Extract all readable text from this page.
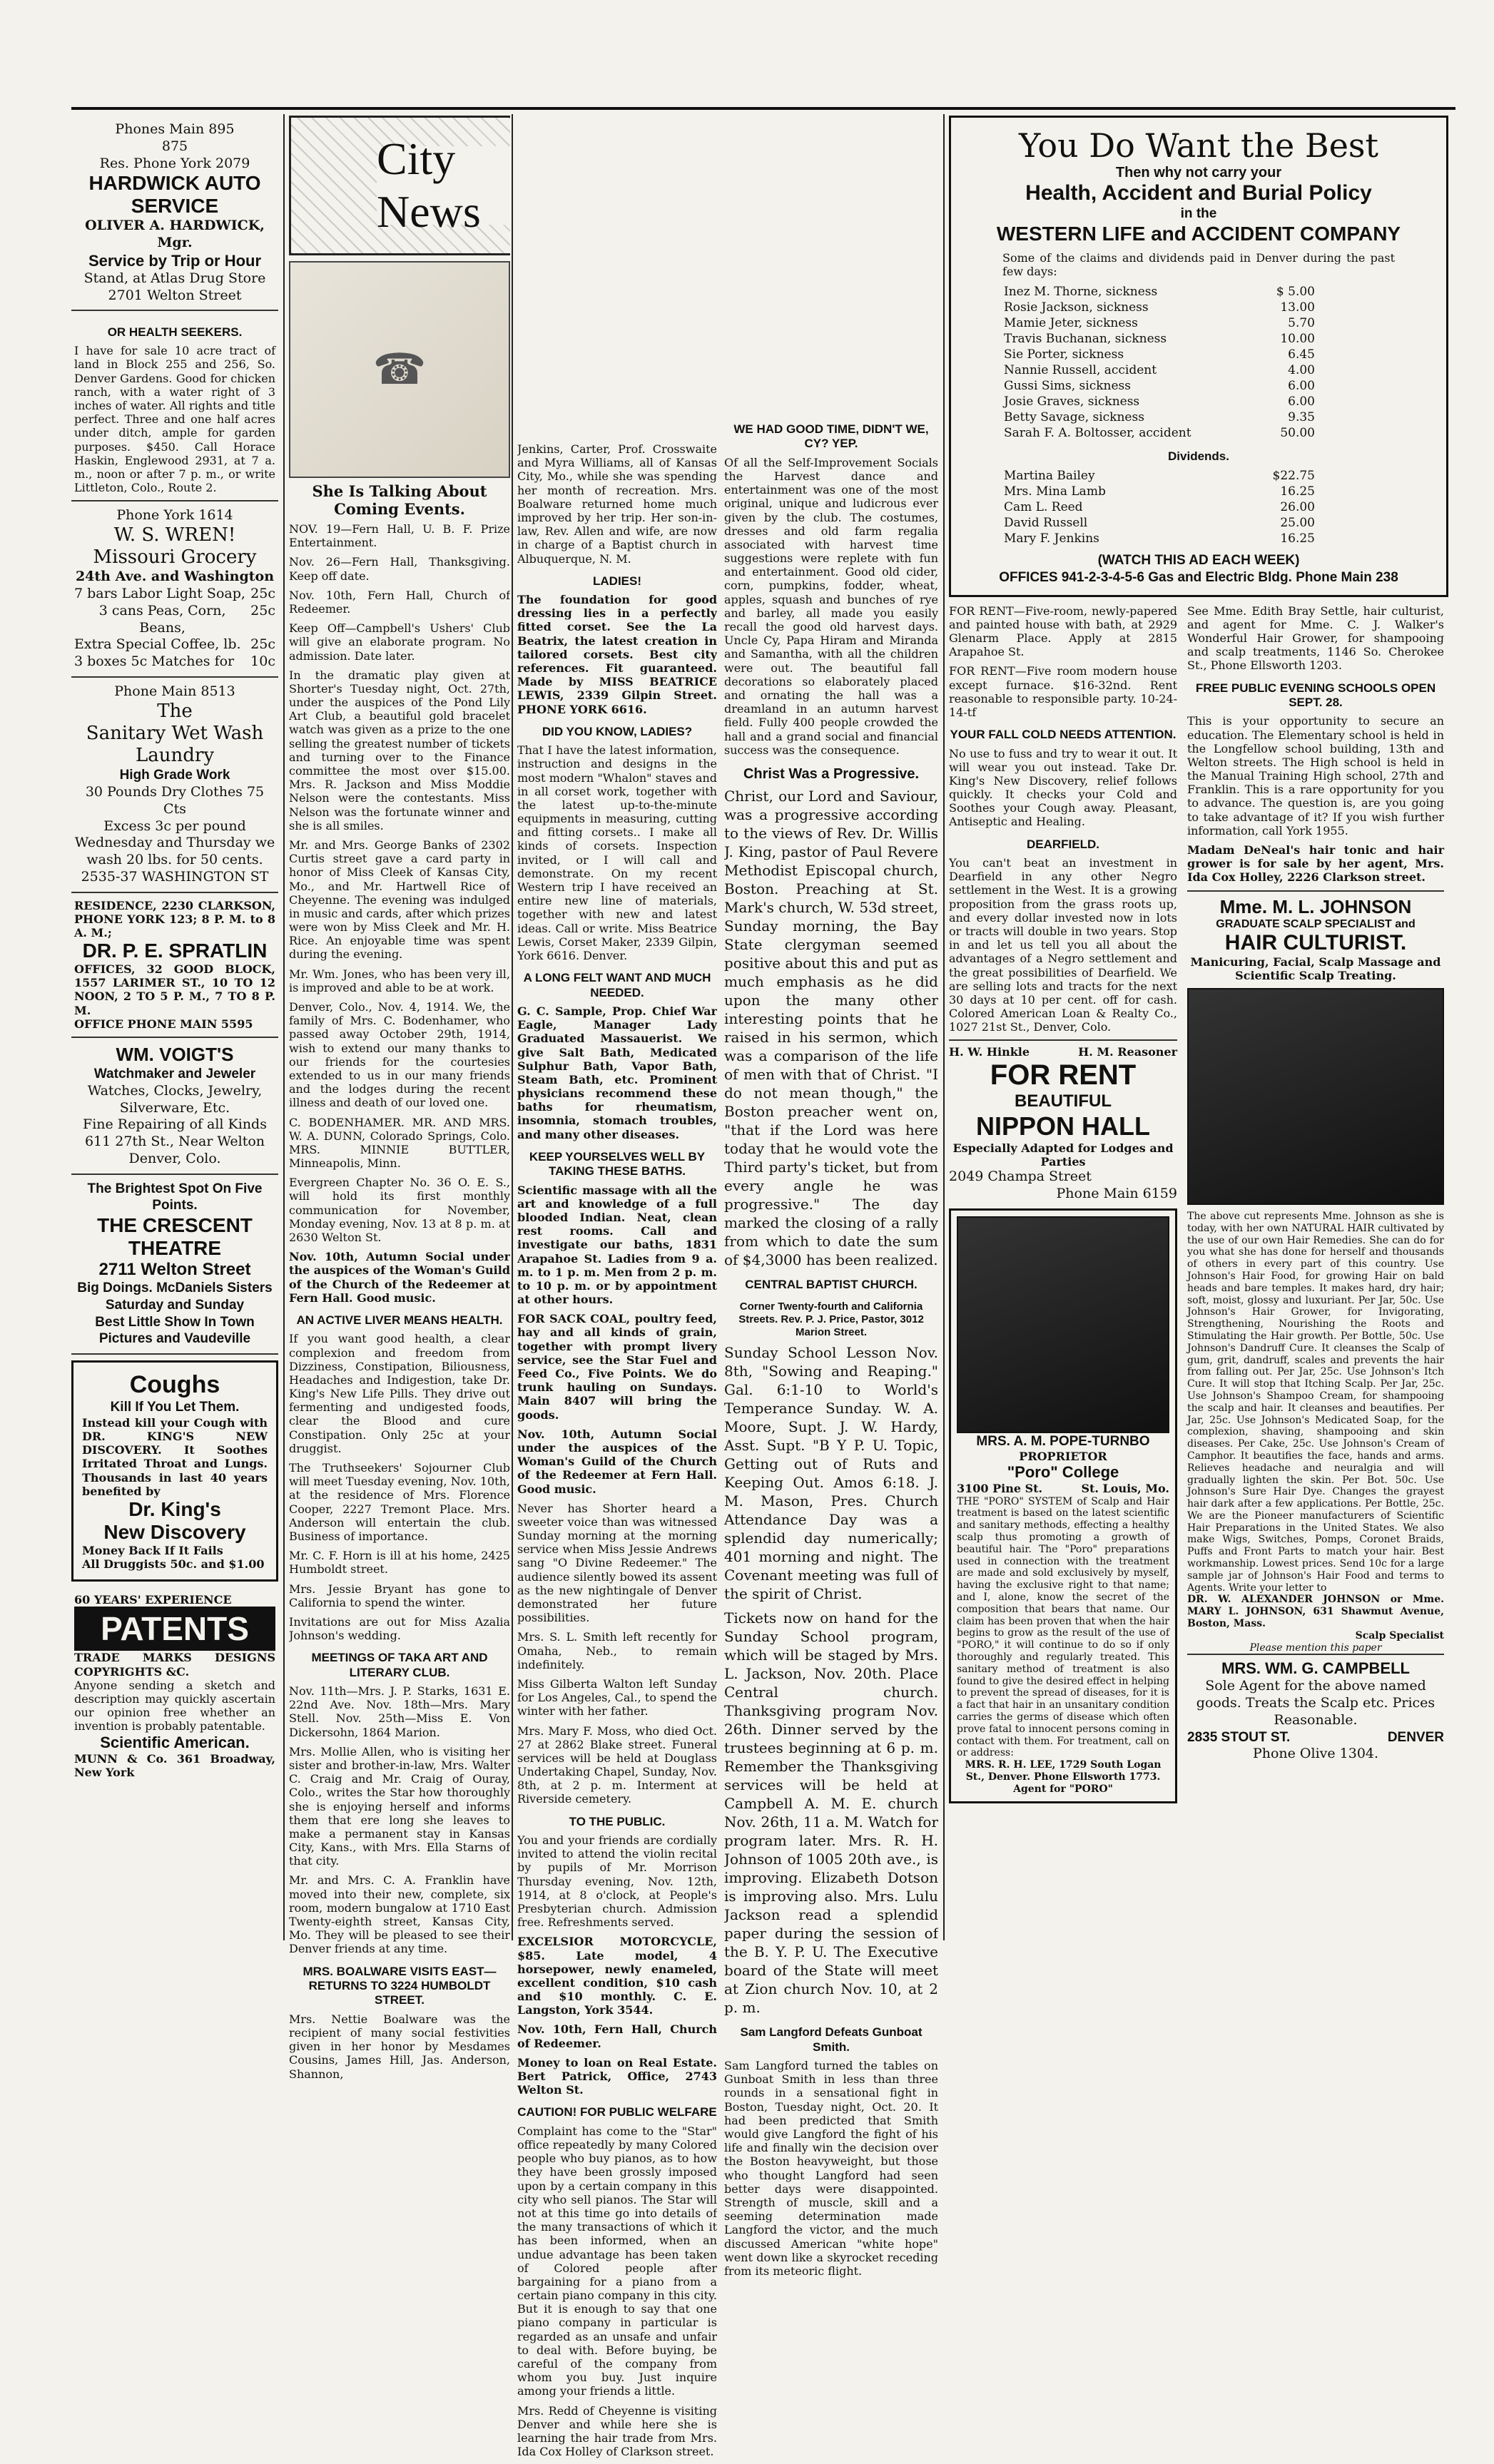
Phones Main 895
875
Res. Phone York 2079
HARDWICK AUTO SERVICE
OLIVER A. HARDWICK, Mgr.
Service by Trip or Hour
Stand, at Atlas Drug Store
2701 Welton Street
OR HEALTH SEEKERS.
I have for sale 10 acre tract of land in Block 255 and 256, So. Denver Gardens. Good for chicken ranch, with a water right of 3 inches of water. All rights and title perfect. Three and one half acres under ditch, ample for garden purposes. $450. Call Horace Haskin, Englewood 2931, at 7 a. m., noon or after 7 p. m., or write Littleton, Colo., Route 2.
Phone York 1614
W. S. WREN!
Missouri Grocery
24th Ave. and Washington
7 bars Labor Light Soap, 25c
3 cans Peas, Corn, Beans,
25c
Extra Special Coffee, lb. 25c
3 boxes 5c Matches for 10c
Phone Main 8513
The
Sanitary Wet Wash
Laundry
High Grade Work
30 Pounds Dry Clothes 75 Cts
Excess 3c per pound
Wednesday and Thursday we wash 20 lbs. for 50 cents.
2535-37 WASHINGTON ST
RESIDENCE, 2230 CLARKSON, PHONE YORK 123; 8 P. M. to 8 A. M.;
DR. P. E. SPRATLIN
OFFICES, 32 GOOD BLOCK, 1557 LARIMER ST., 10 TO 12 NOON, 2 TO 5 P. M., 7 TO 8 P. M.
OFFICE PHONE MAIN 5595
WM. VOIGT'S
Watchmaker and Jeweler
Watches, Clocks, Jewelry, Silverware, Etc.
Fine Repairing of all Kinds
611 27th St., Near Welton
Denver, Colo.
The Brightest Spot On Five Points.
THE CRESCENT THEATRE
2711 Welton Street
Big Doings. McDaniels Sisters Saturday and Sunday
Best Little Show In Town
Pictures and Vaudeville
Coughs
Kill If You Let Them.
Instead kill your Cough with DR. KING'S NEW DISCOVERY. It Soothes Irritated Throat and Lungs. Thousands in last 40 years benefited by
Dr. King's
New Discovery
Money Back If It Fails
All Druggists 50c. and $1.00
60 YEARS' EXPERIENCE
PATENTS
TRADE MARKS DESIGNS COPYRIGHTS &C.
Anyone sending a sketch and description may quickly ascertain our opinion free whether an invention is probably patentable.
Scientific American.
MUNN & Co. 361 Broadway, New York
City News
☎
She Is Talking About Coming Events.

NOV. 19—Fern Hall, U. B. F. Prize Entertainment.

Nov. 26—Fern Hall, Thanksgiving. Keep off date.

Nov. 10th, Fern Hall, Church of Redeemer.

Keep Off—Campbell's Ushers' Club will give an elaborate program. No admission. Date later.

In the dramatic play given at Shorter's Tuesday night, Oct. 27th, under the auspices of the Pond Lily Art Club, a beautiful gold bracelet watch was given as a prize to the one selling the greatest number of tickets and turning over to the Finance committee the most over $15.00. Mrs. R. Jackson and Miss Moddie Nelson were the contestants. Miss Nelson was the fortunate winner and she is all smiles.

Mr. and Mrs. George Banks of 2302 Curtis street gave a card party in honor of Miss Cleek of Kansas City, Mo., and Mr. Hartwell Rice of Cheyenne. The evening was indulged in music and cards, after which prizes were won by Miss Cleek and Mr. H. Rice. An enjoyable time was spent during the evening.

Mr. Wm. Jones, who has been very ill, is improved and able to be at work.

Denver, Colo., Nov. 4, 1914. We, the family of Mrs. C. Bodenhamer, who passed away October 29th, 1914, wish to extend our many thanks to our friends for the courtesies extended to us in our many friends and the lodges during the recent illness and death of our loved one.

C. BODENHAMER. MR. AND MRS. W. A. DUNN, Colorado Springs, Colo. MRS. MINNIE BUTTLER, Minneapolis, Minn.

Evergreen Chapter No. 36 O. E. S., will hold its first monthly communication for November, Monday evening, Nov. 13 at 8 p. m. at 2630 Welton St.

Nov. 10th, Autumn Social under the auspices of the Woman's Guild of the Church of the Redeemer at Fern Hall. Good music.

AN ACTIVE LIVER MEANS HEALTH.

If you want good health, a clear complexion and freedom from Dizziness, Constipation, Biliousness, Headaches and Indigestion, take Dr. King's New Life Pills. They drive out fermenting and undigested foods, clear the Blood and cure Constipation. Only 25c at your druggist.

The Truthseekers' Sojourner Club will meet Tuesday evening, Nov. 10th, at the residence of Mrs. Florence Cooper, 2227 Tremont Place. Mrs. Anderson will entertain the club. Business of importance.

Mr. C. F. Horn is ill at his home, 2425 Humboldt street.

Mrs. Jessie Bryant has gone to California to spend the winter.

Invitations are out for Miss Azalia Johnson's wedding.

MEETINGS OF TAKA ART AND LITERARY CLUB.

Nov. 11th—Mrs. J. P. Starks, 1631 E. 22nd Ave. Nov. 18th—Mrs. Mary Stell. Nov. 25th—Miss E. Von Dickersohn, 1864 Marion.

Mrs. Mollie Allen, who is visiting her sister and brother-in-law, Mrs. Walter C. Craig and Mr. Craig of Ouray, Colo., writes the Star how thoroughly she is enjoying herself and informs them that ere long she leaves to make a permanent stay in Kansas City, Kans., with Mrs. Ella Starns of that city.

Mr. and Mrs. C. A. Franklin have moved into their new, complete, six room, modern bungalow at 1710 East Twenty-eighth street, Kansas City, Mo. They will be pleased to see their Denver friends at any time.

MRS. BOALWARE VISITS EAST—RETURNS TO 3224 HUMBOLDT STREET.

Mrs. Nettie Boalware was the recipient of many social festivities given in her honor by Mesdames Cousins, James Hill, Jas. Anderson, Shannon,

Jenkins, Carter, Prof. Crosswaite and Myra Williams, all of Kansas City, Mo., while she was spending her month of recreation. Mrs. Boalware returned home much improved by her trip. Her son-in-law, Rev. Allen and wife, are now in charge of a Baptist church in Albuquerque, N. M.

LADIES!

The foundation for good dressing lies in a perfectly fitted corset. See the La Beatrix, the latest creation in tailored corsets. Best city references. Fit guaranteed. Made by MISS BEATRICE LEWIS, 2339 Gilpin Street. PHONE YORK 6616.

DID YOU KNOW, LADIES?

That I have the latest information, instruction and designs in the most modern "Whalon" staves and in all corset work, together with the latest up-to-the-minute equipments in measuring, cutting and fitting corsets.. I make all kinds of corsets. Inspection invited, or I will call and demonstrate. On my recent Western trip I have received an entire new line of materials, together with new and latest ideas. Call or write. Miss Beatrice Lewis, Corset Maker, 2339 Gilpin, York 6616. Denver.

A LONG FELT WANT AND MUCH NEEDED.

G. C. Sample, Prop. Chief War Eagle, Manager Lady Graduated Massauerist. We give Salt Bath, Medicated Sulphur Bath, Vapor Bath, Steam Bath, etc. Prominent physicians recommend these baths for rheumatism, insomnia, stomach troubles, and many other diseases.

KEEP YOURSELVES WELL BY TAKING THESE BATHS.

Scientific massage with all the art and knowledge of a full blooded Indian. Neat, clean rest rooms. Call and investigate our baths, 1831 Arapahoe St. Ladies from 9 a. m. to 1 p. m. Men from 2 p. m. to 10 p. m. or by appointment at other hours.

FOR SACK COAL, poultry feed, hay and all kinds of grain, together with prompt livery service, see the Star Fuel and Feed Co., Five Points. We do trunk hauling on Sundays. Main 8407 will bring the goods.

Nov. 10th, Autumn Social under the auspices of the Woman's Guild of the Church of the Redeemer at Fern Hall. Good music.

Never has Shorter heard a sweeter voice than was witnessed Sunday morning at the morning service when Miss Jessie Andrews sang "O Divine Redeemer." The audience silently bowed its assent as the new nightingale of Denver demonstrated her future possibilities.

Mrs. S. L. Smith left recently for Omaha, Neb., to remain indefinitely.

Miss Gilberta Walton left Sunday for Los Angeles, Cal., to spend the winter with her father.

Mrs. Mary F. Moss, who died Oct. 27 at 2862 Blake street. Funeral services will be held at Douglass Undertaking Chapel, Sunday, Nov. 8th, at 2 p. m. Interment at Riverside cemetery.

TO THE PUBLIC.

You and your friends are cordially invited to attend the violin recital by pupils of Mr. Morrison Thursday evening, Nov. 12th, 1914, at 8 o'clock, at People's Presbyterian church. Admission free. Refreshments served.

EXCELSIOR MOTORCYCLE, $85. Late model, 4 horsepower, newly enameled, excellent condition, $10 cash and $10 monthly. C. E. Langston, York 3544.

Nov. 10th, Fern Hall, Church of Redeemer.

Money to loan on Real Estate. Bert Patrick, Office, 2743 Welton St.

CAUTION! FOR PUBLIC WELFARE

Complaint has come to the "Star" office repeatedly by many Colored people who buy pianos, as to how they have been grossly imposed upon by a certain company in this city who sell pianos. The Star will not at this time go into details of the many transactions of which it has been informed, when an undue advantage has been taken of Colored people after bargaining for a piano from a certain piano company in this city. But it is enough to say that one piano company in particular is regarded as an unsafe and unfair to deal with. Before buying, be careful of the company from whom you buy. Just inquire among your friends a little.

Mrs. Redd of Cheyenne is visiting Denver and while here she is learning the hair trade from Mrs. Ida Cox Holley of Clarkson street.

WE HAD GOOD TIME, DIDN'T WE, CY? YEP.

Of all the Self-Improvement Socials the Harvest dance and entertainment was one of the most original, unique and ludicrous ever given by the club. The costumes, dresses and old farm regalia associated with harvest time suggestions were replete with fun and entertainment. Good old cider, corn, pumpkins, fodder, wheat, apples, squash and bunches of rye and barley, all made you easily recall the good old harvest days. Uncle Cy, Papa Hiram and Miranda and Samantha, with all the children were out. The beautiful fall decorations so elaborately placed and ornating the hall was a dreamland in an autumn harvest field. Fully 400 people crowded the hall and a grand social and financial success was the consequence.

Christ Was a Progressive.

Christ, our Lord and Saviour, was a progressive according to the views of Rev. Dr. Willis J. King, pastor of Paul Revere Methodist Episcopal church, Boston. Preaching at St. Mark's church, W. 53d street, Sunday morning, the Bay State clergyman seemed positive about this and put as much emphasis as he did upon the many other interesting points that he raised in his sermon, which was a comparison of the life of men with that of Christ. "I do not mean though," the Boston preacher went on, "that if the Lord was here today that he would vote the Third party's ticket, but from every angle he was progressive." The day marked the closing of a rally from which to date the sum of $4,3000 has been realized.

CENTRAL BAPTIST CHURCH.
Corner Twenty-fourth and California Streets. Rev. P. J. Price, Pastor, 3012 Marion Street.

Sunday School Lesson Nov. 8th, "Sowing and Reaping." Gal. 6:1-10 to World's Temperance Sunday. W. A. Moore, Supt. J. W. Hardy, Asst. Supt. "B Y P. U. Topic, Getting out of Ruts and Keeping Out. Amos 6:18. J. M. Mason, Pres. Church Attendance Day was a splendid day numerically; 401 morning and night. The Covenant meeting was full of the spirit of Christ.

Tickets now on hand for the Sunday School program, which will be staged by Mrs. L. Jackson, Nov. 20th. Place Central church. Thanksgiving program Nov. 26th. Dinner served by the trustees beginning at 6 p. m. Remember the Thanksgiving services will be held at Campbell A. M. E. church Nov. 26th, 11 a. M. Watch for program later. Mrs. R. H. Johnson of 1005 20th ave., is improving. Elizabeth Dotson is improving also. Mrs. Lulu Jackson read a splendid paper during the session of the B. Y. P. U. The Executive board of the State will meet at Zion church Nov. 10, at 2 p. m.

Sam Langford Defeats Gunboat Smith.

Sam Langford turned the tables on Gunboat Smith in less than three rounds in a sensational fight in Boston, Tuesday night, Oct. 20. It had been predicted that Smith would give Langford the fight of his life and finally win the decision over the Boston heavyweight, but those who thought Langford had seen better days were disappointed. Strength of muscle, skill and a seeming determination made Langford the victor, and the much discussed American "white hope" went down like a skyrocket receding from its meteoric flight.

You Do Want the Best
Then why not carry your
Health, Accident and Burial Policy
in the
WESTERN LIFE and ACCIDENT COMPANY
Some of the claims and dividends paid in Denver during the past few days:
Inez M. Thorne, sickness	$ 5.00
Rosie Jackson, sickness	13.00
Mamie Jeter, sickness	5.70
Travis Buchanan, sickness	10.00
Sie Porter, sickness	6.45
Nannie Russell, accident	4.00
Gussi Sims, sickness	6.00
Josie Graves, sickness	6.00
Betty Savage, sickness	9.35
Sarah F. A. Boltosser, accident	50.00
Dividends.
Martina Bailey	$22.75
Mrs. Mina Lamb	16.25
Cam L. Reed	26.00
David Russell	25.00
Mary F. Jenkins	16.25
(WATCH THIS AD EACH WEEK)
OFFICES 941-2-3-4-5-6 Gas and Electric Bldg. Phone Main 238

FOR RENT—Five-room, newly-papered and painted house with bath, at 2929 Glenarm Place. Apply at 2815 Arapahoe St.

FOR RENT—Five room modern house except furnace. $16-32nd. Rent reasonable to responsible party. 10-24-14-tf

YOUR FALL COLD NEEDS ATTENTION.

No use to fuss and try to wear it out. It will wear you out instead. Take Dr. King's New Discovery, relief follows quickly. It checks your Cold and Soothes your Cough away. Pleasant, Antiseptic and Healing.

DEARFIELD.

You can't beat an investment in Dearfield in any other Negro settlement in the West. It is a growing proposition from the grass roots up, and every dollar invested now in lots or tracts will double in two years. Stop in and let us tell you all about the advantages of a Negro settlement and the great possibilities of Dearfield. We are selling lots and tracts for the next 30 days at 10 per cent. off for cash. Colored American Loan & Realty Co., 1027 21st St., Denver, Colo.

H. W. Hinkle	H. M. Reasoner
FOR RENT
BEAUTIFUL
NIPPON HALL
Especially Adapted for Lodges and Parties
2049 Champa Street
Phone Main 6159
MRS. A. M. POPE-TURNBO
PROPRIETOR
"Poro" College
3100 Pine St.	St. Louis, Mo.
THE "PORO" SYSTEM of Scalp and Hair treatment is based on the latest scientific and sanitary methods, effecting a healthy scalp thus promoting a growth of beautiful hair. The "Poro" preparations used in connection with the treatment are made and sold exclusively by myself, having the exclusive right to that name; and I, alone, know the secret of the composition that bears that name. Our claim has been proven that when the hair begins to grow as the result of the use of "PORO," it will continue to do so if only thoroughly and regularly treated. This sanitary method of treatment is also found to give the desired effect in helping to prevent the spread of diseases, for it is a fact that hair in an unsanitary condition carries the germs of disease which often prove fatal to innocent persons coming in contact with them. For treatment, call on or address:
MRS. R. H. LEE, 1729 South Logan St., Denver. Phone Ellsworth 1773. Agent for "PORO"

See Mme. Edith Bray Settle, hair culturist, and agent for Mme. C. J. Walker's Wonderful Hair Grower, for shampooing and scalp treatments, 1146 So. Cherokee St., Phone Ellsworth 1203.

FREE PUBLIC EVENING SCHOOLS OPEN SEPT. 28.

This is your opportunity to secure an education. The Elementary school is held in the Longfellow school building, 13th and Welton streets. The High school is held in the Manual Training High school, 27th and Franklin. This is a rare opportunity for you to advance. The question is, are you going to take advantage of it? If you wish further information, call York 1955.

Madam DeNeal's hair tonic and hair grower is for sale by her agent, Mrs. Ida Cox Holley, 2226 Clarkson street.

Mme. M. L. JOHNSON
GRADUATE SCALP SPECIALIST and
HAIR CULTURIST.
Manicuring, Facial, Scalp Massage and Scientific Scalp Treating.
The above cut represents Mme. Johnson as she is today, with her own NATURAL HAIR cultivated by the use of our own Hair Remedies. She can do for you what she has done for herself and thousands of others in every part of this country. Use Johnson's Hair Food, for growing Hair on bald heads and bare temples. It makes hard, dry hair; soft, moist, glossy and luxuriant. Per Jar, 50c. Use Johnson's Hair Grower, for Invigorating, Strengthening, Nourishing the Roots and Stimulating the Hair growth. Per Bottle, 50c. Use Johnson's Dandruff Cure. It cleanses the Scalp of gum, grit, dandruff, scales and prevents the hair from falling out. Per Jar, 25c. Use Johnson's Itch Cure. It will stop that Itching Scalp. Per Jar, 25c. Use Johnson's Shampoo Cream, for shampooing the scalp and hair. It cleanses and beautifies. Per Jar, 25c. Use Johnson's Medicated Soap, for the complexion, shaving, shampooing and skin diseases. Per Cake, 25c. Use Johnson's Cream of Camphor. It beautifies the face, hands and arms. Relieves headache and neuralgia and will gradually lighten the skin. Per Bot. 50c. Use Johnson's Sure Hair Dye. Changes the grayest hair dark after a few applications. Per Bottle, 25c. We are the Pioneer manufacturers of Scientific Hair Preparations in the United States. We also make Wigs, Switches, Pomps, Coronet Braids, Puffs and Front Parts to match your hair. Best workmanship. Lowest prices. Send 10c for a large sample jar of Johnson's Hair Food and terms to Agents. Write your letter to
DR. W. ALEXANDER JOHNSON or Mme. MARY L. JOHNSON, 631 Shawmut Avenue, Boston, Mass.
Scalp Specialist
Please mention this paper
MRS. WM. G. CAMPBELL
Sole Agent for the above named goods. Treats the Scalp etc. Prices Reasonable.
2835 STOUT ST.	DENVER
Phone Olive 1304.
